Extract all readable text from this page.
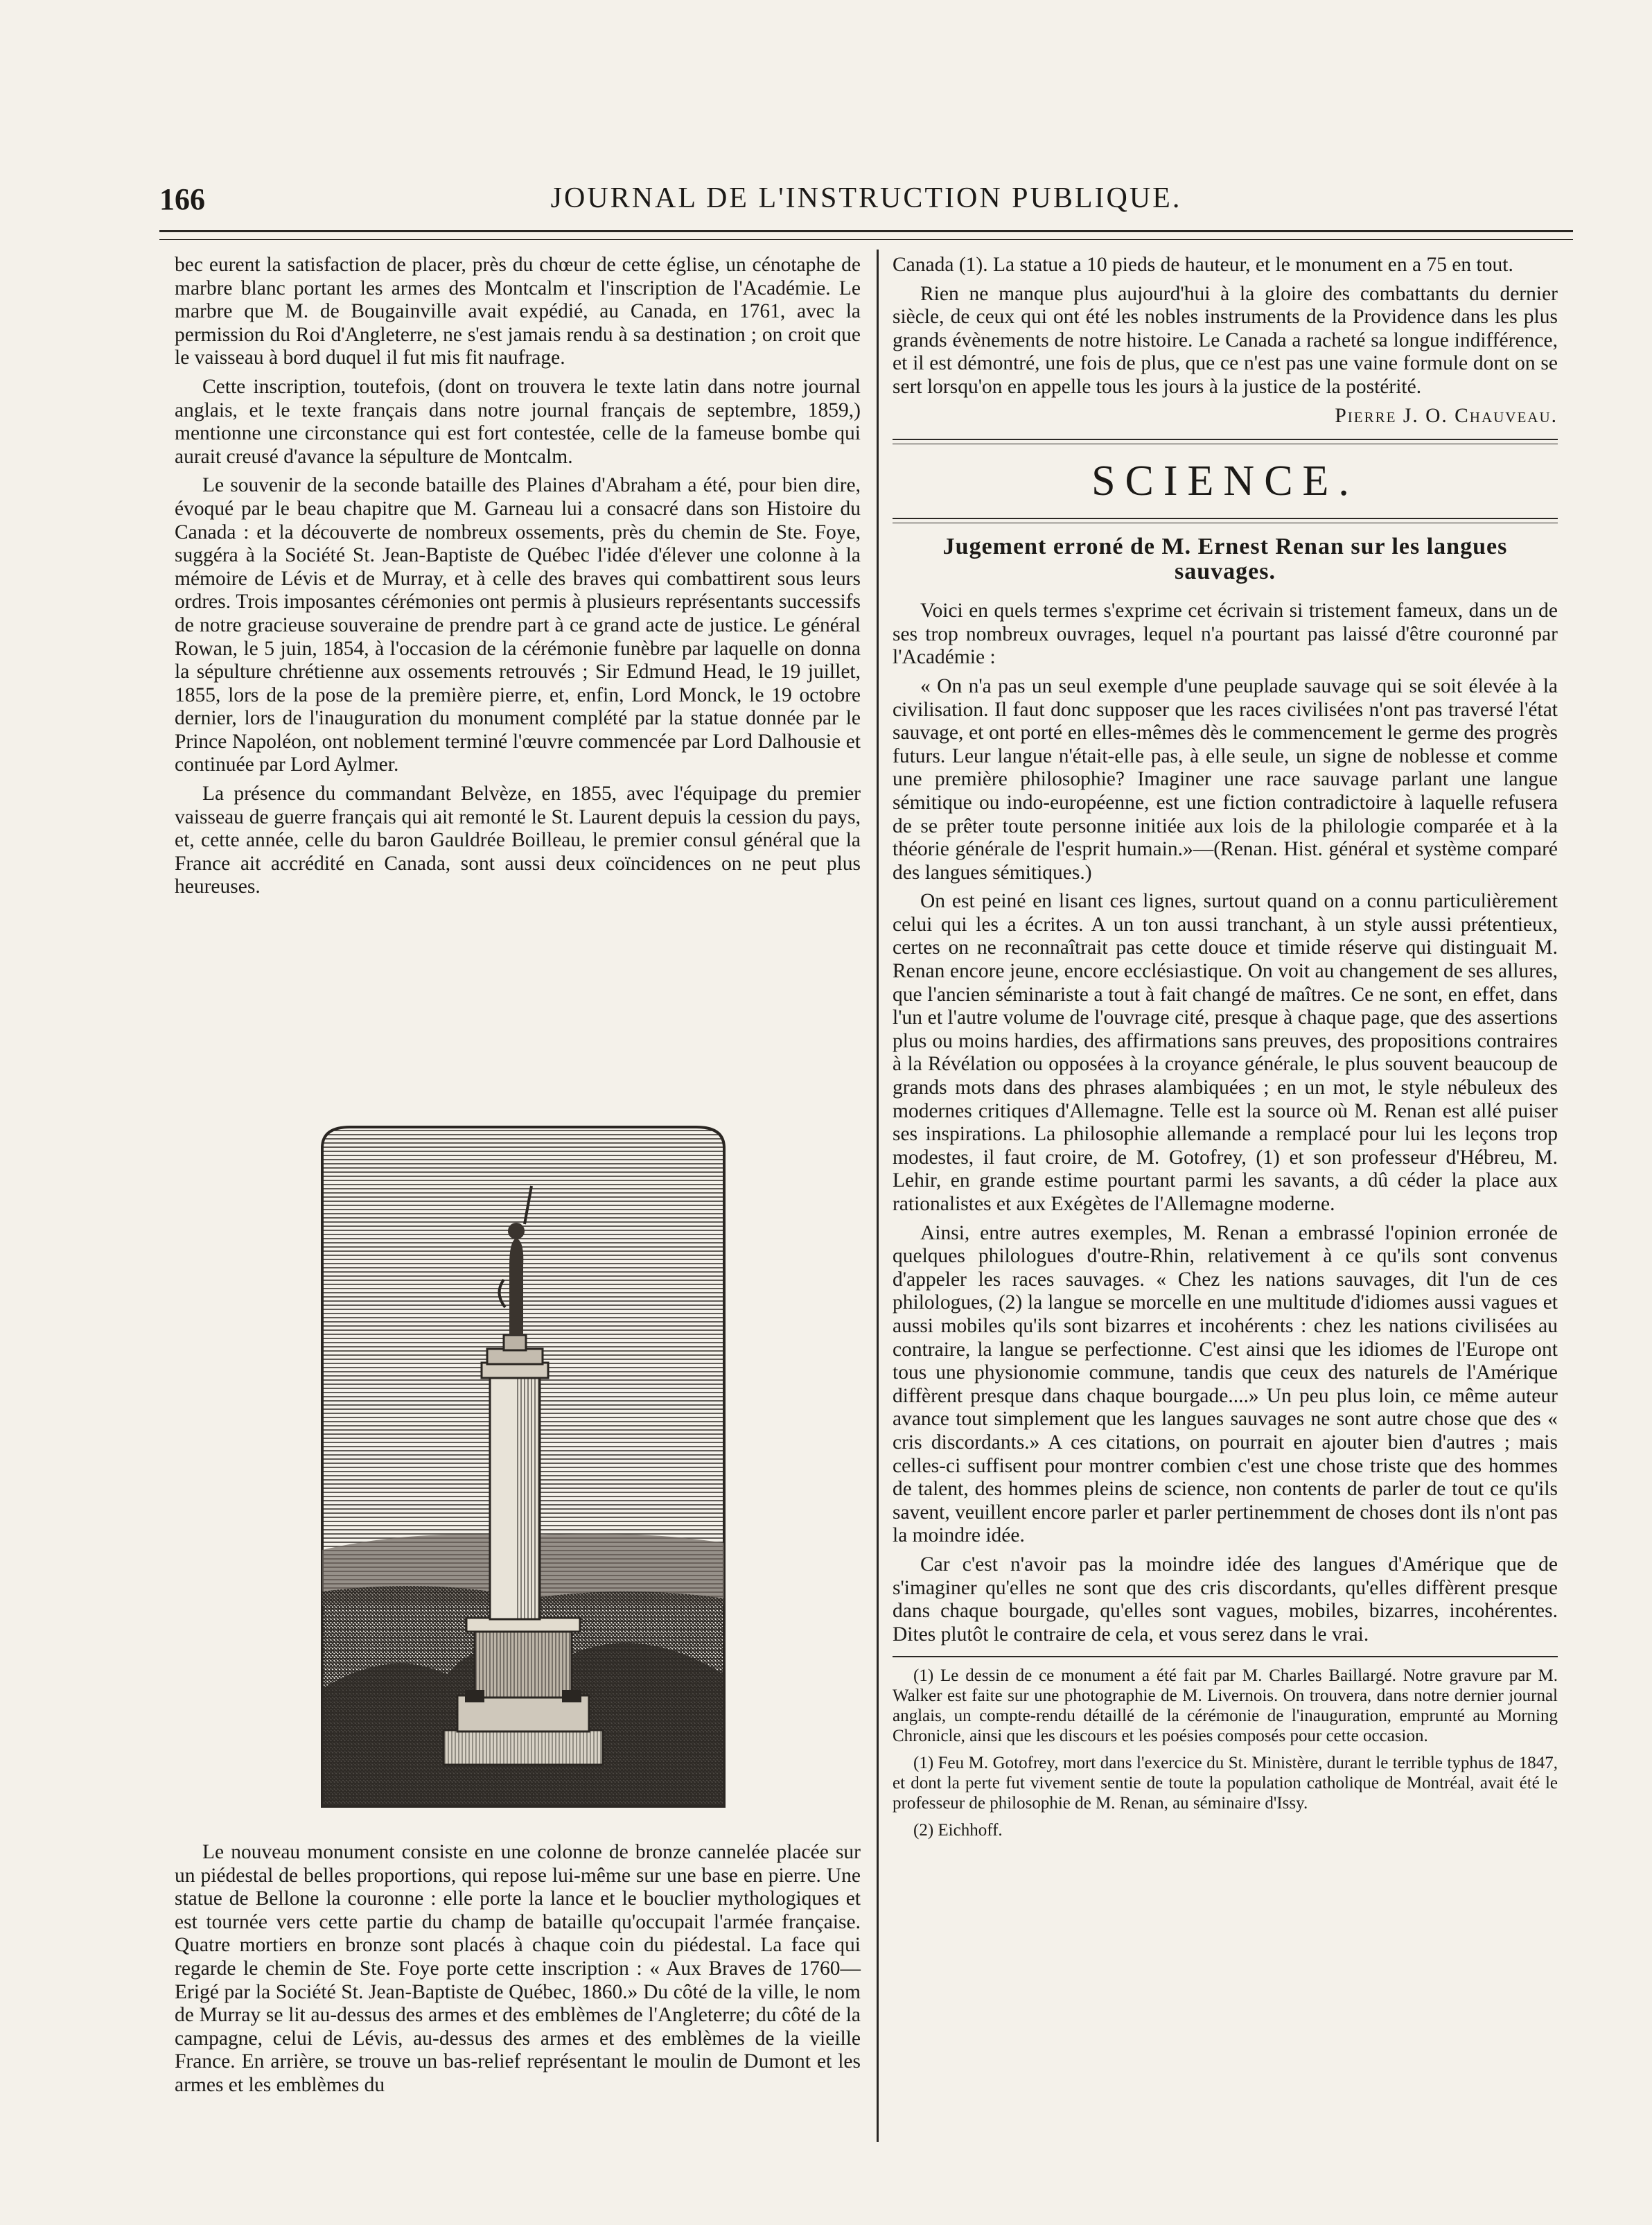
166	JOURNAL DE L'INSTRUCTION PUBLIQUE.

bec eurent la satisfaction de placer, près du chœur de cette église, un cénotaphe de marbre blanc portant les armes des Montcalm et l'inscription de l'Académie. Le marbre que M. de Bougainville avait expédié, au Canada, en 1761, avec la permission du Roi d'Angleterre, ne s'est jamais rendu à sa destination ; on croit que le vaisseau à bord duquel il fut mis fit naufrage.

Cette inscription, toutefois, (dont on trouvera le texte latin dans notre journal anglais, et le texte français dans notre journal français de septembre, 1859,) mentionne une circonstance qui est fort contestée, celle de la fameuse bombe qui aurait creusé d'avance la sépulture de Montcalm.

Le souvenir de la seconde bataille des Plaines d'Abraham a été, pour bien dire, évoqué par le beau chapitre que M. Garneau lui a consacré dans son Histoire du Canada : et la découverte de nombreux ossements, près du chemin de Ste. Foye, suggéra à la Société St. Jean-Baptiste de Québec l'idée d'élever une colonne à la mémoire de Lévis et de Murray, et à celle des braves qui combattirent sous leurs ordres. Trois imposantes cérémonies ont permis à plusieurs représentants successifs de notre gracieuse souveraine de prendre part à ce grand acte de justice. Le général Rowan, le 5 juin, 1854, à l'occasion de la cérémonie funèbre par laquelle on donna la sépulture chrétienne aux ossements retrouvés ; Sir Edmund Head, le 19 juillet, 1855, lors de la pose de la première pierre, et, enfin, Lord Monck, le 19 octobre dernier, lors de l'inauguration du monument complété par la statue donnée par le Prince Napoléon, ont noblement terminé l'œuvre commencée par Lord Dalhousie et continuée par Lord Aylmer.

La présence du commandant Belvèze, en 1855, avec l'équipage du premier vaisseau de guerre français qui ait remonté le St. Laurent depuis la cession du pays, et, cette année, celle du baron Gauldrée Boilleau, le premier consul général que la France ait accrédité en Canada, sont aussi deux coïncidences on ne peut plus heureuses.

Le nouveau monument consiste en une colonne de bronze cannelée placée sur un piédestal de belles proportions, qui repose lui-même sur une base en pierre. Une statue de Bellone la couronne : elle porte la lance et le bouclier mythologiques et est tournée vers cette partie du champ de bataille qu'occupait l'armée française. Quatre mortiers en bronze sont placés à chaque coin du piédestal. La face qui regarde le chemin de Ste. Foye porte cette inscription : « Aux Braves de 1760— Erigé par la Société St. Jean-Baptiste de Québec, 1860.» Du côté de la ville, le nom de Murray se lit au-dessus des armes et des emblèmes de l'Angleterre; du côté de la campagne, celui de Lévis, au-dessus des armes et des emblèmes de la vieille France. En arrière, se trouve un bas-relief représentant le moulin de Dumont et les armes et les emblèmes du

Canada (1). La statue a 10 pieds de hauteur, et le monument en a 75 en tout.

Rien ne manque plus aujourd'hui à la gloire des combattants du dernier siècle, de ceux qui ont été les nobles instruments de la Providence dans les plus grands évènements de notre histoire. Le Canada a racheté sa longue indifférence, et il est démontré, une fois de plus, que ce n'est pas une vaine formule dont on se sert lorsqu'on en appelle tous les jours à la justice de la postérité.

Pierre J. O. Chauveau.

SCIENCE.
Jugement erroné de M. Ernest Renan sur les langues sauvages.

Voici en quels termes s'exprime cet écrivain si tristement fameux, dans un de ses trop nombreux ouvrages, lequel n'a pourtant pas laissé d'être couronné par l'Académie :

« On n'a pas un seul exemple d'une peuplade sauvage qui se soit élevée à la civilisation. Il faut donc supposer que les races civilisées n'ont pas traversé l'état sauvage, et ont porté en elles-mêmes dès le commencement le germe des progrès futurs. Leur langue n'était-elle pas, à elle seule, un signe de noblesse et comme une première philosophie? Imaginer une race sauvage parlant une langue sémitique ou indo-européenne, est une fiction contradictoire à laquelle refusera de se prêter toute personne initiée aux lois de la philologie comparée et à la théorie générale de l'esprit humain.»—(Renan. Hist. général et système comparé des langues sémitiques.)

On est peiné en lisant ces lignes, surtout quand on a connu particulièrement celui qui les a écrites. A un ton aussi tranchant, à un style aussi prétentieux, certes on ne reconnaîtrait pas cette douce et timide réserve qui distinguait M. Renan encore jeune, encore ecclésiastique. On voit au changement de ses allures, que l'ancien séminariste a tout à fait changé de maîtres. Ce ne sont, en effet, dans l'un et l'autre volume de l'ouvrage cité, presque à chaque page, que des assertions plus ou moins hardies, des affirmations sans preuves, des propositions contraires à la Révélation ou opposées à la croyance générale, le plus souvent beaucoup de grands mots dans des phrases alambiquées ; en un mot, le style nébuleux des modernes critiques d'Allemagne. Telle est la source où M. Renan est allé puiser ses inspirations. La philosophie allemande a remplacé pour lui les leçons trop modestes, il faut croire, de M. Gotofrey, (1) et son professeur d'Hébreu, M. Lehir, en grande estime pourtant parmi les savants, a dû céder la place aux rationalistes et aux Exégètes de l'Allemagne moderne.

Ainsi, entre autres exemples, M. Renan a embrassé l'opinion erronée de quelques philologues d'outre-Rhin, relativement à ce qu'ils sont convenus d'appeler les races sauvages. « Chez les nations sauvages, dit l'un de ces philologues, (2) la langue se morcelle en une multitude d'idiomes aussi vagues et aussi mobiles qu'ils sont bizarres et incohérents : chez les nations civilisées au contraire, la langue se perfectionne. C'est ainsi que les idiomes de l'Europe ont tous une physionomie commune, tandis que ceux des naturels de l'Amérique diffèrent presque dans chaque bourgade....» Un peu plus loin, ce même auteur avance tout simplement que les langues sauvages ne sont autre chose que des « cris discordants.» A ces citations, on pourrait en ajouter bien d'autres ; mais celles-ci suffisent pour montrer combien c'est une chose triste que des hommes de talent, des hommes pleins de science, non contents de parler de tout ce qu'ils savent, veuillent encore parler et parler pertinemment de choses dont ils n'ont pas la moindre idée.

Car c'est n'avoir pas la moindre idée des langues d'Amérique que de s'imaginer qu'elles ne sont que des cris discordants, qu'elles diffèrent presque dans chaque bourgade, qu'elles sont vagues, mobiles, bizarres, incohérentes. Dites plutôt le contraire de cela, et vous serez dans le vrai.

(1) Le dessin de ce monument a été fait par M. Charles Baillargé. Notre gravure par M. Walker est faite sur une photographie de M. Livernois. On trouvera, dans notre dernier journal anglais, un compte-rendu détaillé de la cérémonie de l'inauguration, emprunté au Morning Chronicle, ainsi que les discours et les poésies composés pour cette occasion.

(1) Feu M. Gotofrey, mort dans l'exercice du St. Ministère, durant le terrible typhus de 1847, et dont la perte fut vivement sentie de toute la population catholique de Montréal, avait été le professeur de philosophie de M. Renan, au séminaire d'Issy.

(2) Eichhoff.
